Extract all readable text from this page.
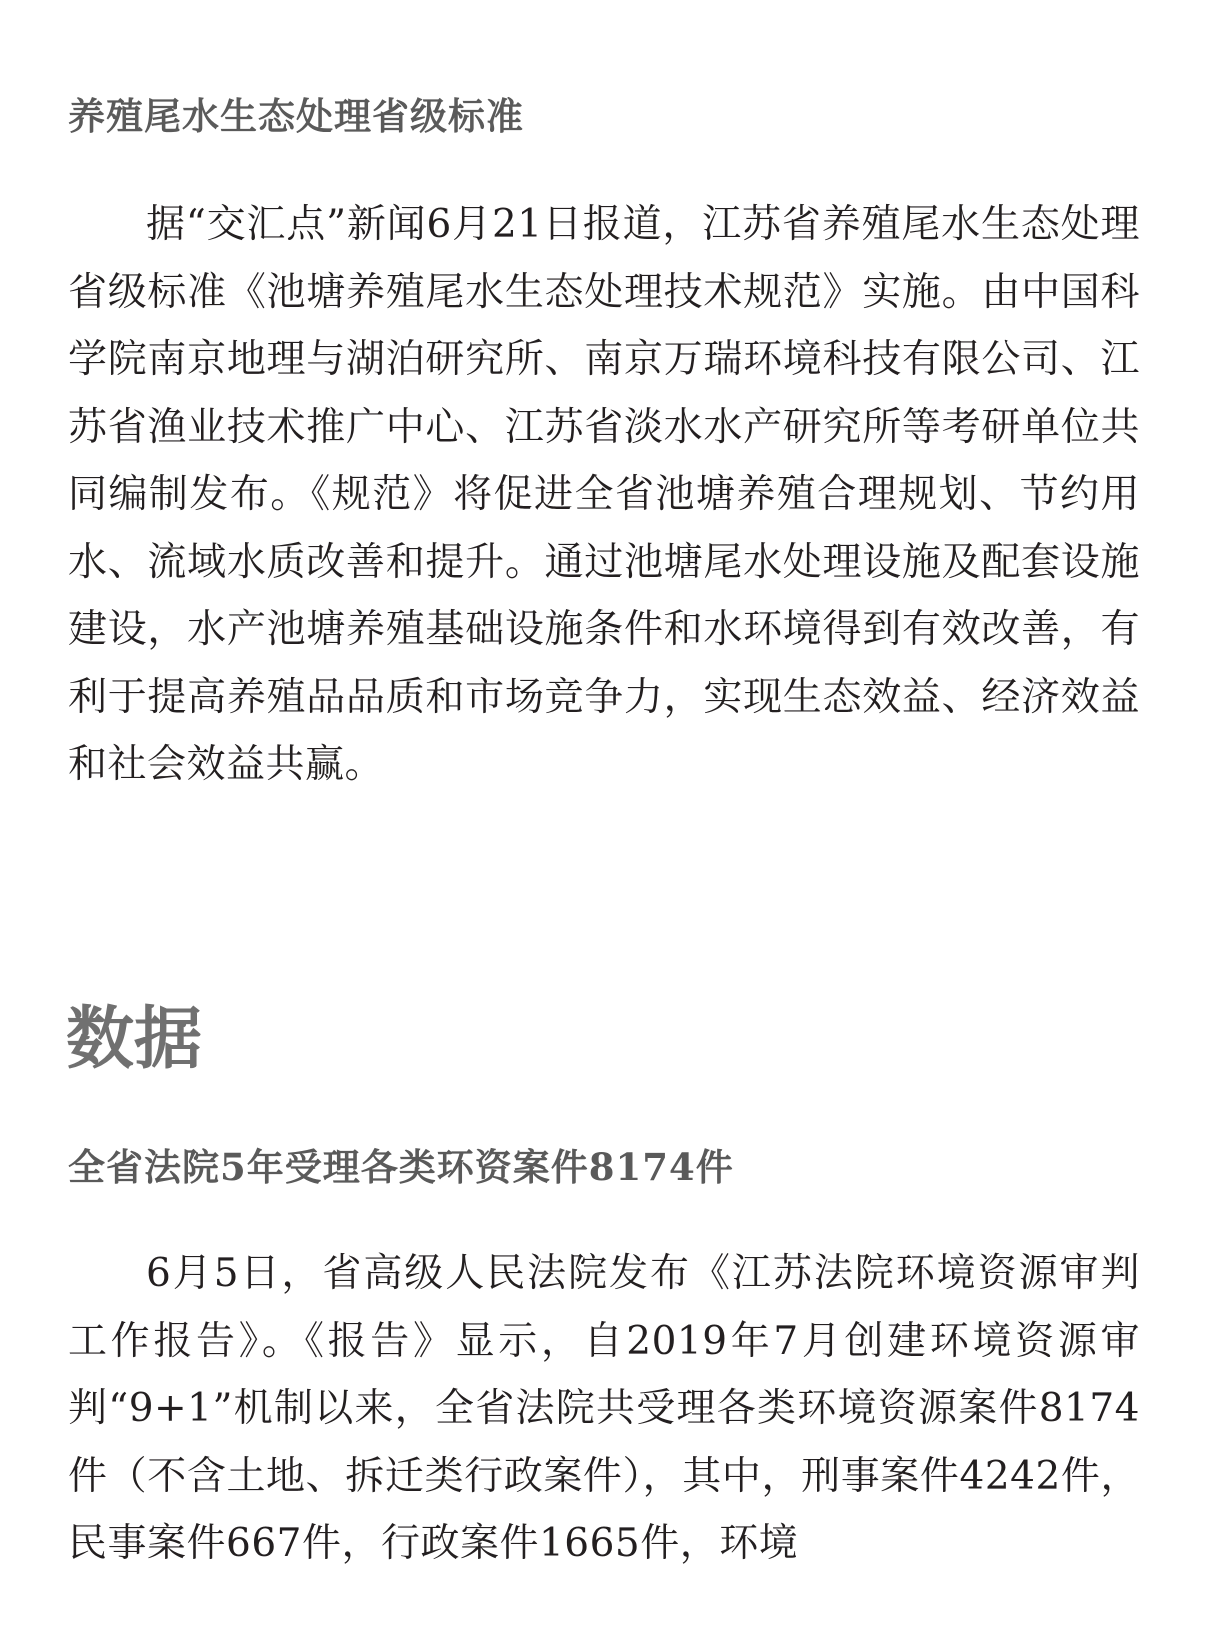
养殖尾水生态处理省级标准

据“交汇点”新闻6月21日报道，江苏省养殖尾水生态处理省级标准《池塘养殖尾水生态处理技术规范》实施。由中国科学院南京地理与湖泊研究所、南京万瑞环境科技有限公司、江苏省渔业技术推广中心、江苏省淡水水产研究所等考研单位共同编制发布。《规范》将促进全省池塘养殖合理规划、节约用水、流域水质改善和提升。通过池塘尾水处理设施及配套设施建设，水产池塘养殖基础设施条件和水环境得到有效改善，有利于提高养殖品品质和市场竞争力，实现生态效益、经济效益和社会效益共赢。

数据
全省法院5年受理各类环资案件8174件

6月5日，省高级人民法院发布《江苏法院环境资源审判工作报告》。《报告》显示，自2019年7月创建环境资源审判“9+1”机制以来，全省法院共受理各类环境资源案件8174件（不含土地、拆迁类行政案件），其中，刑事案件4242件，民事案件667件，行政案件1665件，环境
